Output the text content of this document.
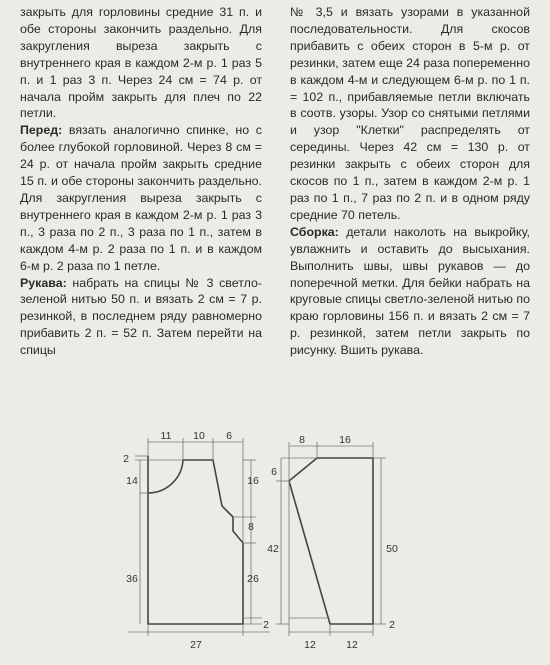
закрыть для горловины средние 31 п. и обе стороны закончить раздельно. Для закругления выреза закрыть с внутреннего края в каждом 2-м р. 1 раз 5 п. и 1 раз 3 п. Через 24 см = 74 р. от начала пройм закрыть для плеч по 22 петли.

Перед: вязать аналогично спинке, но с более глубокой горловиной. Через 8 см = 24 р. от начала пройм закрыть средние 15 п. и обе стороны закончить раздельно. Для закругления выреза закрыть с внутреннего края в каждом 2-м р. 1 раз 3 п., 3 раза по 2 п., 3 раза по 1 п., затем в каждом 4-м р. 2 раза по 1 п. и в каждом 6-м р. 2 раза по 1 петле.

Рукава: набрать на спицы № 3 светло-зеленой нитью 50 п. и вязать 2 см = 7 р. резинкой, в последнем ряду равномерно прибавить 2 п. = 52 п. Затем перейти на спицы

№ 3,5 и вязать узорами в указанной последовательности. Для скосов прибавить с обеих сторон в 5-м р. от резинки, затем еще 24 раза попеременно в каждом 4-м и следующем 6-м р. по 1 п. = 102 п., прибавляемые петли включать в соотв. узоры. Узор со снятыми петлями и узор "Клетки" распределять от середины. Через 42 см = 130 р. от резинки закрыть с обеих сторон для скосов по 1 п., затем в каждом 2-м р. 1 раз по 1 п., 7 раз по 2 п. и в одном ряду средние 70 петель.

Сборка: детали наколоть на выкройку, увлажнить и оставить до высыхания. Выполнить швы, швы рукавов — до поперечной метки. Для бейки набрать на круговые спицы светло-зеленой нитью по краю горловины 156 п. и вязать 2 см = 7 р. резинкой, затем петли закрыть по рисунку. Вшить рукава.

11 10 6
2
14	16
8
36	26
27
2
8	16
6
42	50
12	12
2
